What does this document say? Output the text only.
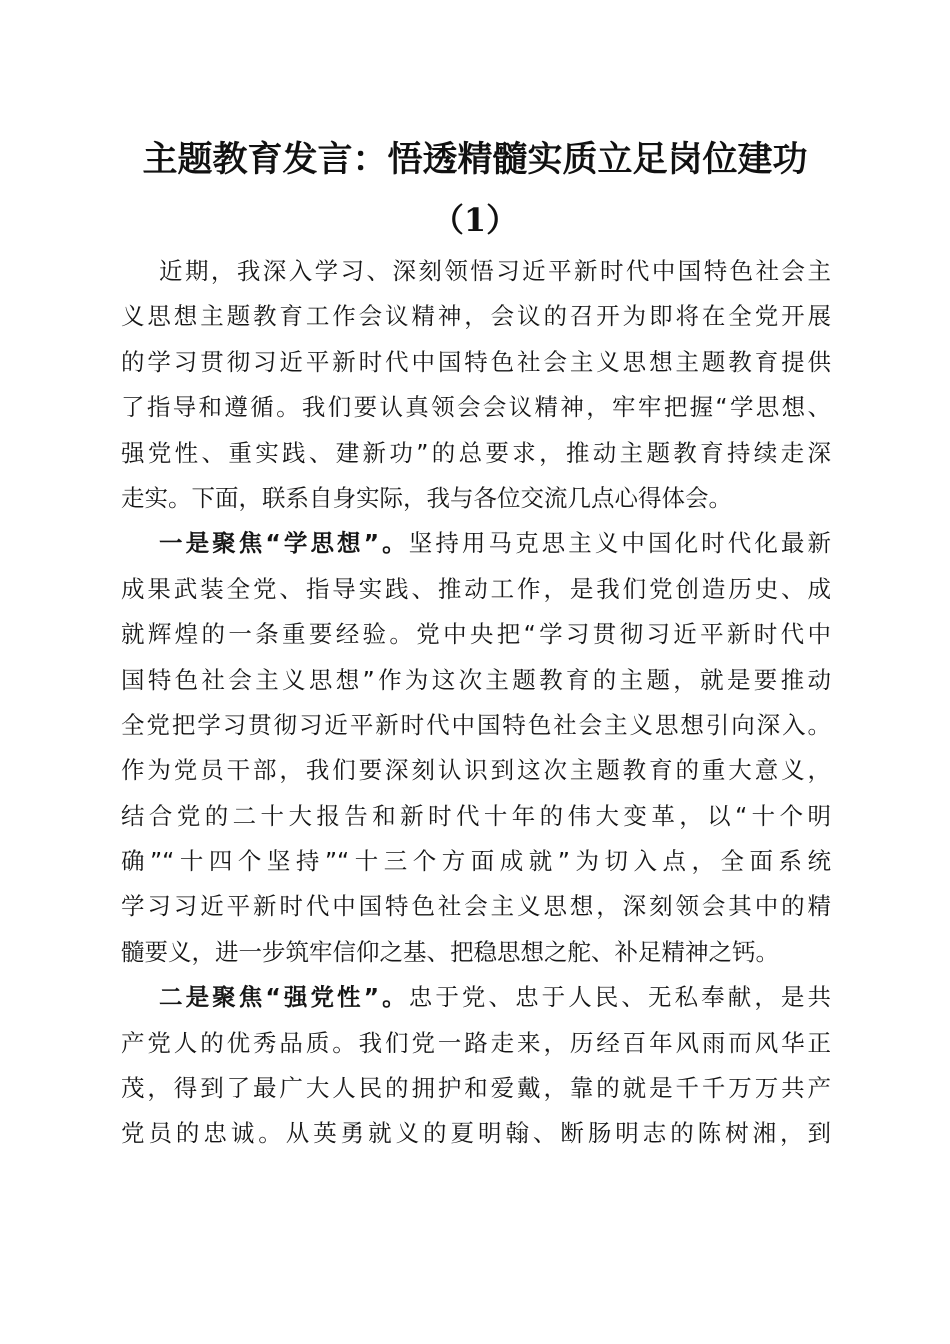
主题教育发言：悟透精髓实质立足岗位建功
（1）
近期，我深入学习、深刻领悟习近平新时代中国特色社会主
义思想主题教育工作会议精神，会议的召开为即将在全党开展
的学习贯彻习近平新时代中国特色社会主义思想主题教育提供
了指导和遵循。我们要认真领会会议精神，牢牢把握“学思想、
强党性、重实践、建新功”的总要求，推动主题教育持续走深
走实。下面，联系自身实际，我与各位交流几点心得体会。
一是聚焦“学思想”。坚持用马克思主义中国化时代化最新
成果武装全党、指导实践、推动工作，是我们党创造历史、成
就辉煌的一条重要经验。党中央把“学习贯彻习近平新时代中
国特色社会主义思想”作为这次主题教育的主题，就是要推动
全党把学习贯彻习近平新时代中国特色社会主义思想引向深入。
作为党员干部，我们要深刻认识到这次主题教育的重大意义，
结合党的二十大报告和新时代十年的伟大变革，以“十个明
确”“十四个坚持”“十三个方面成就”为切入点，全面系统
学习习近平新时代中国特色社会主义思想，深刻领会其中的精
髓要义，进一步筑牢信仰之基、把稳思想之舵、补足精神之钙。
二是聚焦“强党性”。忠于党、忠于人民、无私奉献，是共
产党人的优秀品质。我们党一路走来，历经百年风雨而风华正
茂，得到了最广大人民的拥护和爱戴，靠的就是千千万万共产
党员的忠诚。从英勇就义的夏明翰、断肠明志的陈树湘，到
